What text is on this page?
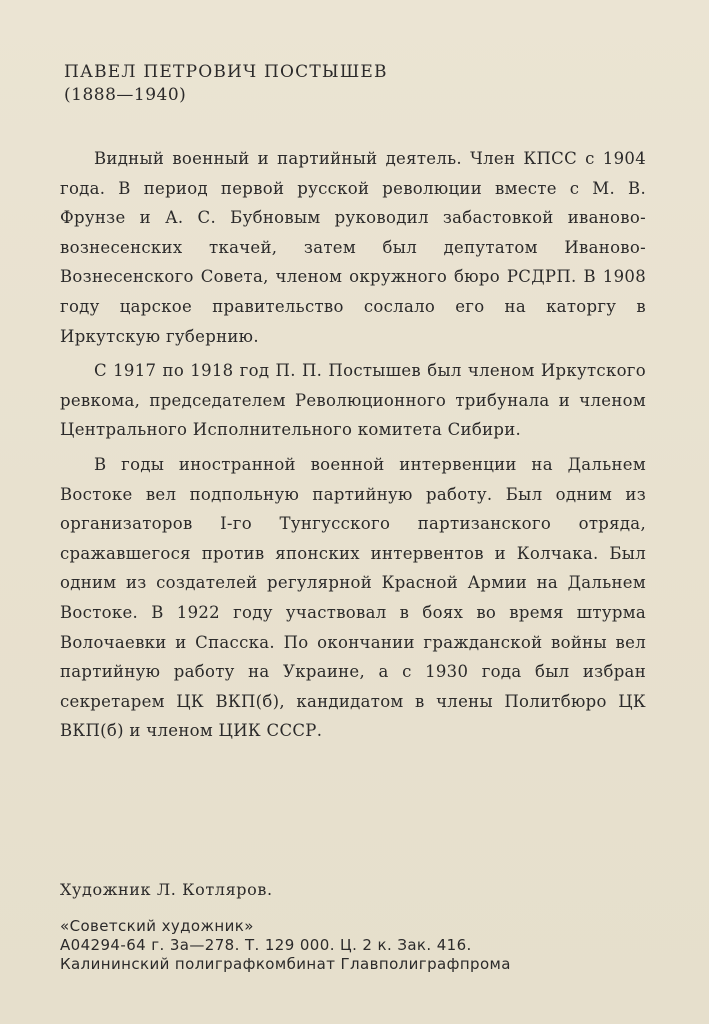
ПАВЕЛ ПЕТРОВИЧ ПОСТЫШЕВ
(1888—1940)

Видный военный и партийный деятель. Член КПСС с 1904 года. В период первой русской революции вместе с М. В. Фрунзе и А. С. Бубновым руководил забастовкой иваново-вознесенских ткачей, затем был депутатом Иваново-Вознесенского Совета, членом окружного бюро РСДРП. В 1908 году царское правительство сослало его на каторгу в Иркутскую губернию.

С 1917 по 1918 год П. П. Постышев был членом Иркутского ревкома, председателем Революционного трибунала и членом Центрального Исполнительного комитета Сибири.

В годы иностранной военной интервенции на Дальнем Востоке вел подпольную партийную работу. Был одним из организаторов I-го Тунгусского партизанского отряда, сражавшегося против японских интервентов и Колчака. Был одним из создателей регулярной Красной Армии на Дальнем Востоке. В 1922 году участвовал в боях во время штурма Волочаевки и Спасска. По окончании гражданской войны вел партийную работу на Украине, а с 1930 года был избран секретарем ЦК ВКП(б), кандидатом в члены Политбюро ЦК ВКП(б) и членом ЦИК СССР.

Художник Л. Котляров.
«Советский художник»
А04294-64 г. 3а—278. Т. 129 000. Ц. 2 к. Зак. 416.
Калининский полиграфкомбинат Главполиграфпрома
